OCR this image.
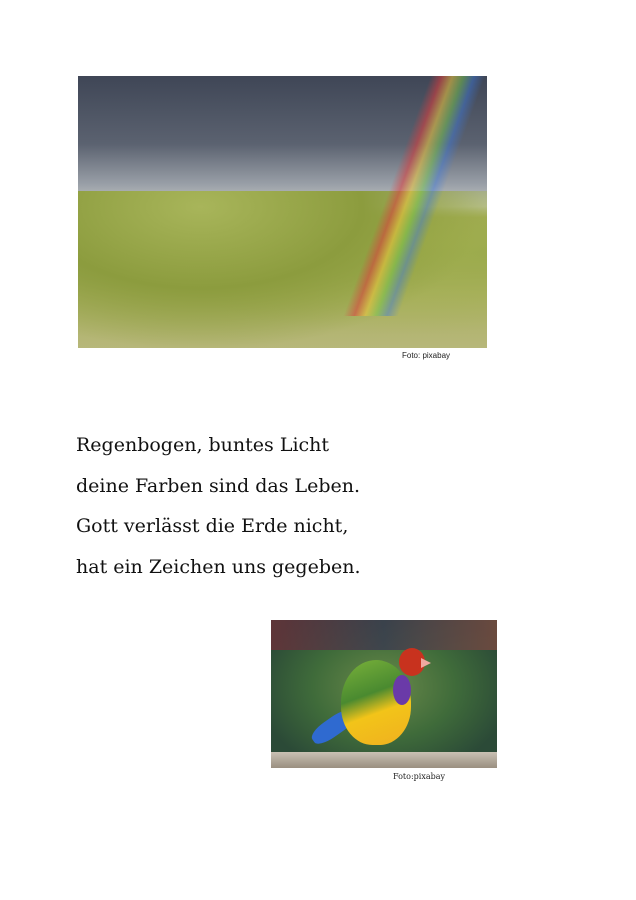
Foto: pixabay
Regenbogen, buntes Licht
deine Farben sind das Leben.
Gott verlässt die Erde nicht,
hat ein Zeichen uns gegeben.
Foto:pixabay
